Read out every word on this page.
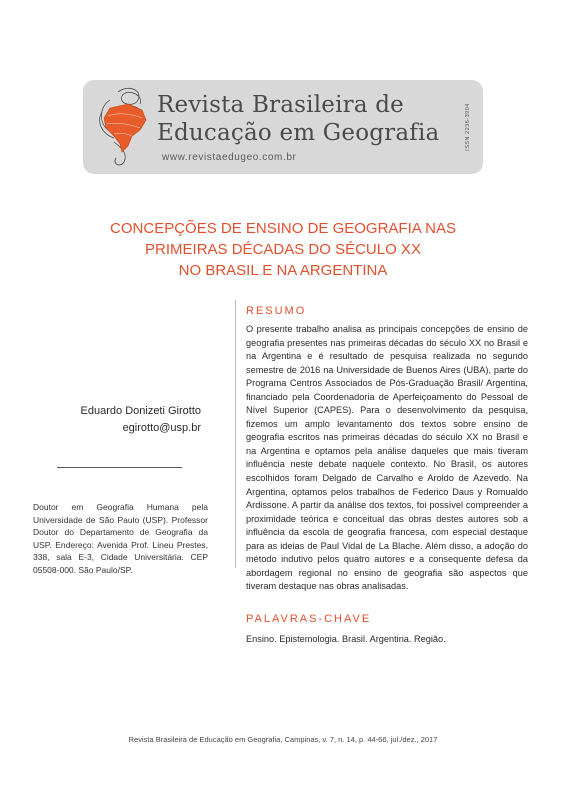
Revista Brasileira de
Educação em Geografia
www.revistaedugeo.com.br
ISSN 2236-3904
CONCEPÇÕES DE ENSINO DE GEOGRAFIA NAS
PRIMEIRAS DÉCADAS DO SÉCULO XX
NO BRASIL E NA ARGENTINA
Eduardo Donizeti Girotto
egirotto@usp.br
Doutor em Geografia Humana pela Universidade de São Paulo (USP). Professor Doutor do Departamento de Geografia da USP. Endereço: Avenida Prof. Lineu Prestes, 338, sala E-3, Cidade Universitária. CEP 05508-000. São Paulo/SP.
RESUMO
O presente trabalho analisa as principais concepções de ensino de geografia presentes nas primeiras décadas do século XX no Brasil e na Argentina e é resultado de pesquisa realizada no segundo semestre de 2016 na Universidade de Buenos Aires (UBA), parte do Programa Centros Associados de Pós-Graduação Brasil/ Argentina, financiado pela Coordenadoria de Aperfeiçoamento do Pessoal de Nível Superior (CAPES). Para o desenvolvimento da pesquisa, fizemos um amplo levantamento dos textos sobre ensino de geografia escritos nas primeiras décadas do século XX no Brasil e na Argentina e optamos pela análise daqueles que mais tiveram influência neste debate naquele contexto. No Brasil, os autores escolhidos foram Delgado de Carvalho e Aroldo de Azevedo. Na Argentina, optamos pelos trabalhos de Federico Daus y Romualdo Ardissone. A partir da análise dos textos, foi possível compreender a proximidade teórica e conceitual das obras destes autores sob a influência da escola de geografia francesa, com especial destaque para as ideias de Paul Vidal de La Blache. Além disso, a adoção do método indutivo pelos quatro autores e a consequente defesa da abordagem regional no ensino de geografia são aspectos que tiveram destaque nas obras analisadas.
PALAVRAS-CHAVE
Ensino. Epistemologia. Brasil. Argentina. Região.
Revista Brasileira de Educação em Geografia, Campinas, v. 7, n. 14, p. 44-66, jul./dez., 2017
